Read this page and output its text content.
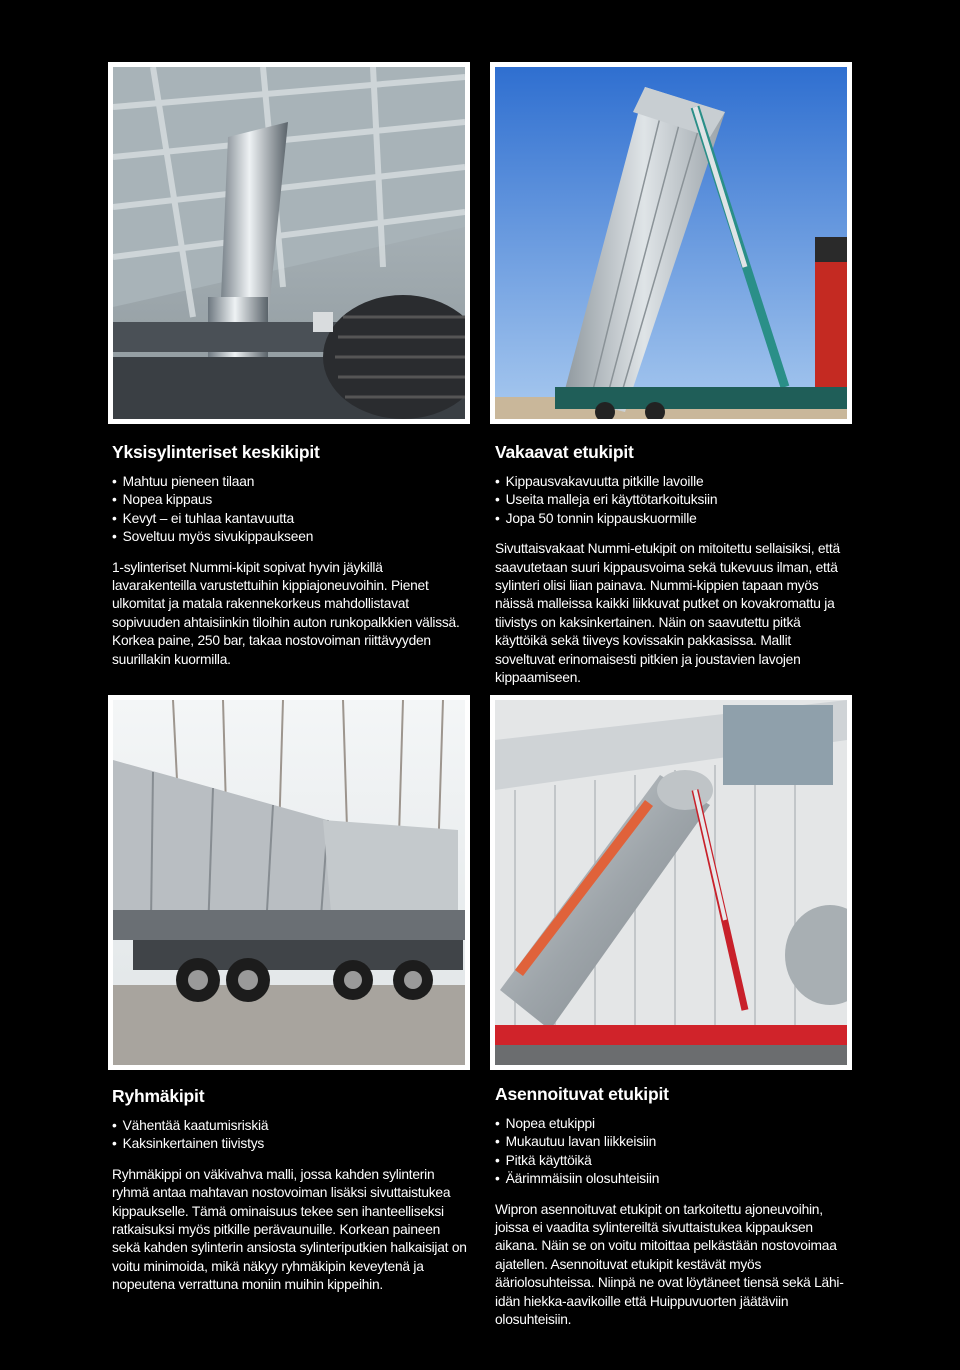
Yksisylinteriset keskikipit
• Mahtuu pieneen tilaan
• Nopea kippaus
• Kevyt – ei tuhlaa kantavuutta
• Soveltuu myös sivukippaukseen

1-sylinteriset Nummi-kipit sopivat hyvin jäykillä lavarakenteilla varustettuihin kippiajoneuvoihin. Pienet ulkomitat ja matala rakennekorkeus mahdollistavat sopivuuden ahtaisiinkin tiloihin auton runkopalkkien välissä. Korkea paine, 250 bar, takaa nostovoiman riittävyyden suurillakin kuormilla.

Vakaavat etukipit
• Kippausvakavuutta pitkille lavoille
• Useita malleja eri käyttötarkoituksiin
• Jopa 50 tonnin kippauskuormille

Sivuttaisvakaat Nummi-etukipit on mitoitettu sellaisiksi, että saavutetaan suuri kippausvoima sekä tukevuus ilman, että sylinteri olisi liian painava. Nummi-kippien tapaan myös näissä malleissa kaikki liikkuvat putket on kovakromattu ja tiivistys on kaksinkertainen. Näin on saavutettu pitkä käyttöikä sekä tiiveys kovissakin pakkasissa. Mallit soveltuvat erinomaisesti pitkien ja joustavien lavojen kippaamiseen.

Ryhmäkipit
• Vähentää kaatumisriskiä
• Kaksinkertainen tiivistys

Ryhmäkippi on väkivahva malli, jossa kahden sylinterin ryhmä antaa mahtavan nostovoiman lisäksi sivuttaistukea kippaukselle. Tämä ominaisuus tekee sen ihanteelliseksi ratkaisuksi myös pitkille perävaunuille. Korkean paineen sekä kahden sylinterin ansiosta sylinteriputkien halkaisijat on voitu minimoida, mikä näkyy ryhmäkipin keveytenä ja nopeutena verrattuna moniin muihin kippeihin.

Asennoituvat etukipit
• Nopea etukippi
• Mukautuu lavan liikkeisiin
• Pitkä käyttöikä
• Äärimmäisiin olosuhteisiin

Wipron asennoituvat etukipit on tarkoitettu ajoneuvoihin, joissa ei vaadita sylintereiltä sivuttaistukea kippauksen aikana. Näin se on voitu mitoittaa pelkästään nostovoimaa ajatellen. Asennoituvat etukipit kestävät myös ääriolosuhteissa. Niinpä ne ovat löytäneet tiensä sekä Lähi-idän hiekka-aavikoille että Huippuvuorten jäätäviin olosuhteisiin.
